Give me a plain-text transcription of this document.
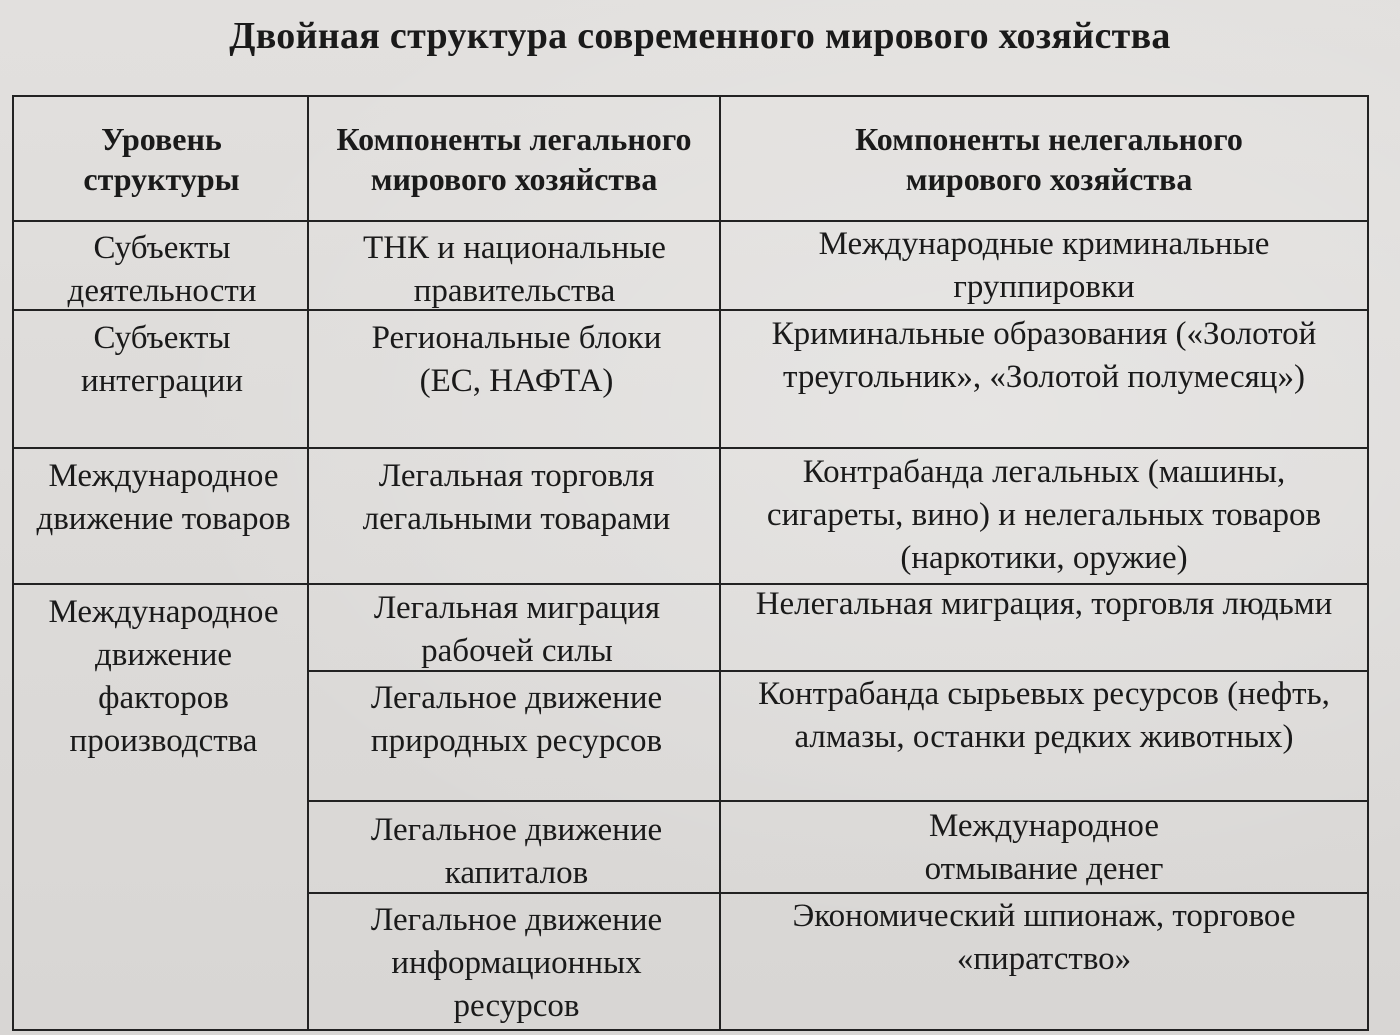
Двойная структура современного мирового хозяйства
Уровень структуры
Компоненты легального мирового хозяйства
Компоненты нелегального мирового хозяйства
Субъекты деятельности
ТНК и национальные правительства
Международные криминальные группировки
Субъекты интеграции
Региональные блоки (ЕС, НАФТА)
Криминальные образования («Золотой треугольник», «Золотой полумесяц»)
Международное движение товаров
Легальная торговля легальными товарами
Контрабанда легальных (машины, сигареты, вино) и нелегальных товаров (наркотики, оружие)
Международное движение факторов производства
Легальная миграция рабочей силы
Нелегальная миграция, торговля людьми
Легальное движение природных ресурсов
Контрабанда сырьевых ресурсов (нефть, алмазы, останки редких животных)
Легальное движение капиталов
Международное отмывание денег
Легальное движение информационных ресурсов
Экономический шпионаж, торговое «пиратство»
